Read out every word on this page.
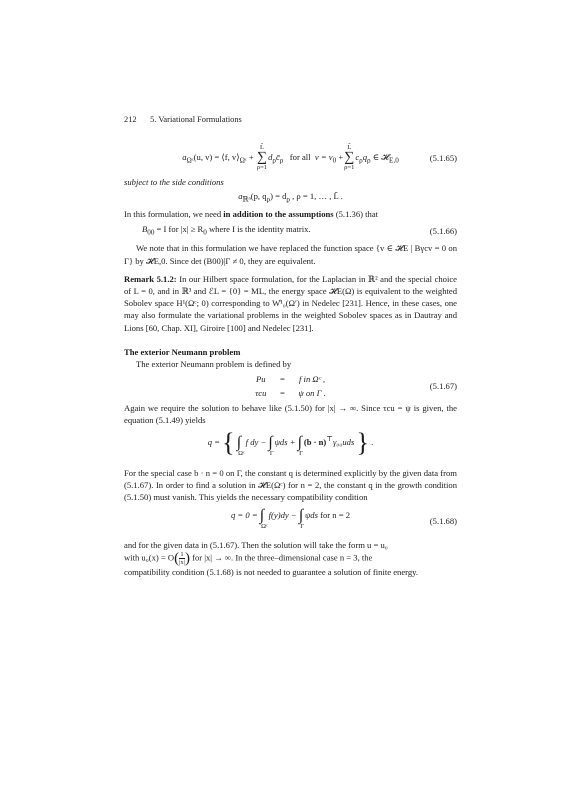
212 5. Variational Formulations
$a_{\Omega ᶜ}(u$, v) = ⟨f, $v⟩_{\Omega ᶜ}$ +
L̃
∑
ρ=1
$d_\rho c̄_\rho$ for all $v = v_0$ +
L̃
∑
ρ=1
$c_\rho q_\rho$ ∈ 𝓗$_{E,0}$	(5.1.65)

subject to the side conditions

$a_{ℝ^n}(p$, $q_\rho) = d_\rho$ , ρ = 1, … , L̃ .

In this formulation, we need in addition to the assumptions (5.1.36) that

$B_{00} = I$ for $|x| \ge R_0$ where I is the identity matrix.	(5.1.66)

We note that in this formulation we have replaced the function space {v ∈ 𝓗E | Bγcv = 0 on Γ} by 𝓗E,0. Since det (B00)|Γ ≠ 0, they are equivalent.

Remark 5.1.2: In our Hilbert space formulation, for the Laplacian in ℝ² and the special choice of L = 0, and in ℝ³ and ℰL = {0} = ML, the energy space 𝓗E(Ω) is equivalent to the weighted Sobolev space H¹(Ωᶜ; 0) corresponding to W̊¹₀(Ω′) in Nedelec [231]. Hence, in these cases, one may also formulate the variational problems in the weighted Sobolev spaces as in Dautray and Lions [60, Chap. XI], Giroire [100] and Nedelec [231].

The exterior Neumann problem

The exterior Neumann problem is defined by

Pu	=	f in Ωᶜ ,
τcu	=	ψ on Γ .
(5.1.67)

Again we require the solution to behave like (5.1.50) for |x| → ∞. Since τcu = ψ is given, the equation (5.1.49) yields

q = { ∫Ωᶜf dy − ∫Γψds + ∫Γ(b · n)⊤γ₀₀uds } .

For the special case b · n = 0 on Γ, the constant q is determined explicitly by the given data from (5.1.67). In order to find a solution in 𝓗E(Ωᶜ) for n = 2, the constant q in the growth condition (5.1.50) must vanish. This yields the necessary compatibility condition

q = 0 = ∫Ωᶜf(y)dy − ∫Γψds for n = 2
(5.1.68)

and for the given data in (5.1.67). Then the solution will take the form u = u₀
with $u_0(x) = O( \frac{1}{|x|}$ ) for |x| → ∞. In the three–dimensional case n = 3, the
compatibility condition (5.1.68) is not needed to guarantee a solution of finite energy.
